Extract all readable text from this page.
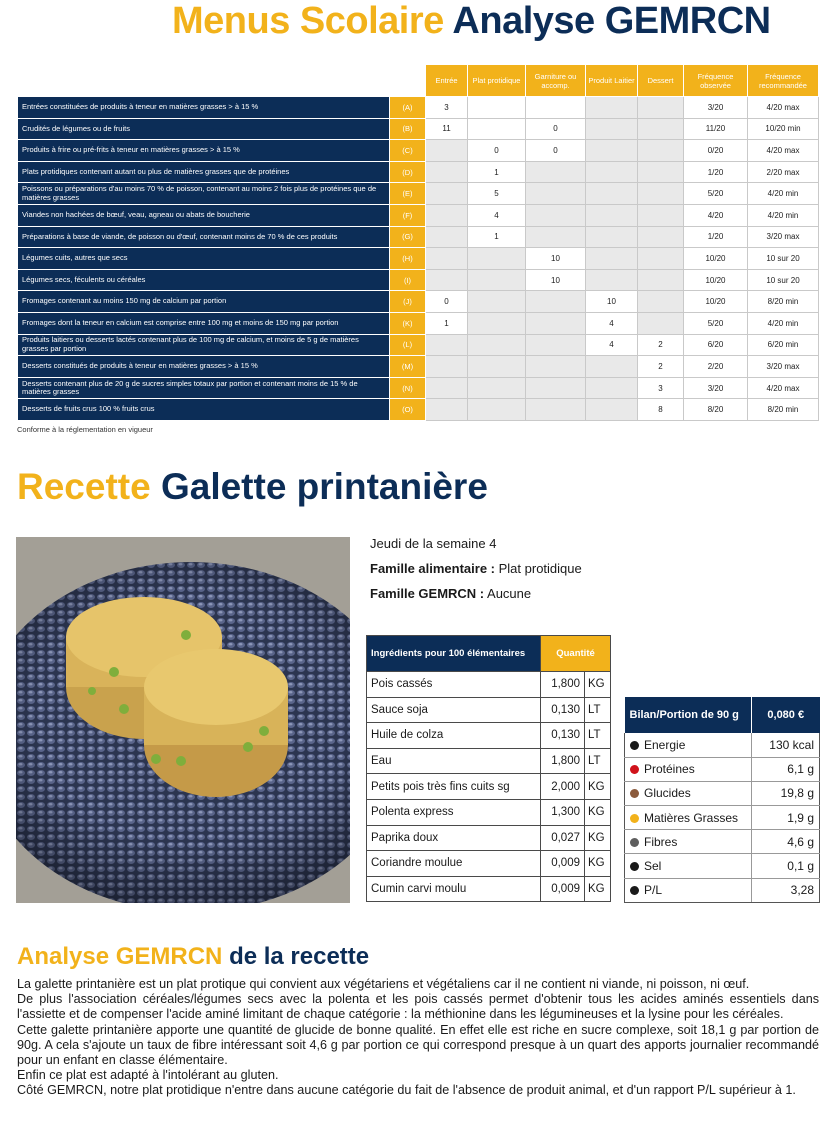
Menus Scolaire Analyse GEMRCN
		Entrée	Plat protidique	Garniture ou accomp.	Produit Laitier	Dessert	Fréquence observée	Fréquence recommandée
Entrées constituées de produits à teneur en matières grasses > à 15 %	(A)	3					3/20	4/20 max
Crudités de légumes ou de fruits	(B)	11		0			11/20	10/20 min
Produits à frire ou pré-frits à teneur en matières grasses > à 15 %	(C)		0	0			0/20	4/20 max
Plats protidiques contenant autant ou plus de matières grasses que de protéines	(D)		1				1/20	2/20 max
Poissons ou préparations d'au moins 70 % de poisson, contenant au moins 2 fois plus de protéines que de matières grasses	(E)		5				5/20	4/20 min
Viandes non hachées de bœuf, veau, agneau ou abats de boucherie	(F)		4				4/20	4/20 min
Préparations à base de viande, de poisson ou d'œuf, contenant moins de 70 % de ces produits	(G)		1				1/20	3/20 max
Légumes cuits, autres que secs	(H)			10			10/20	10 sur 20
Légumes secs, féculents ou céréales	(I)			10			10/20	10 sur 20
Fromages contenant au moins 150 mg de calcium par portion	(J)	0			10		10/20	8/20 min
Fromages dont la teneur en calcium est comprise entre 100 mg et moins de 150 mg par portion	(K)	1			4		5/20	4/20 min
Produits laitiers ou desserts lactés contenant plus de 100 mg de calcium, et moins de 5 g de matières grasses par portion	(L)				4	2	6/20	6/20 min
Desserts constitués de produits à teneur en matières grasses > à 15 %	(M)					2	2/20	3/20 max
Desserts contenant plus de 20 g de sucres simples totaux par portion et contenant moins de 15 % de matières grasses	(N)					3	3/20	4/20 max
Desserts de fruits crus 100 % fruits crus	(O)					8	8/20	8/20 min
Conforme à la réglementation en vigueur
Recette Galette printanière
Jeudi de la semaine 4
Famille alimentaire : Plat protidique
Famille GEMRCN : Aucune
Ingrédients pour 100 élémentaires	Quantité	
Pois cassés	1,800	KG
Sauce soja	0,130	LT
Huile de colza	0,130	LT
Eau	1,800	LT
Petits pois très fins cuits sg	2,000	KG
Polenta express	1,300	KG
Paprika doux	0,027	KG
Coriandre moulue	0,009	KG
Cumin carvi moulu	0,009	KG
Bilan/Portion de 90 g	0,080 €
Energie	130 kcal
Protéines	6,1 g
Glucides	19,8 g
Matières Grasses	1,9 g
Fibres	4,6 g
Sel	0,1 g
P/L	3,28
Analyse GEMRCN de la recette

La galette printanière est un plat protique qui convient aux végétariens et végétaliens car il ne contient ni viande, ni poisson, ni œuf.

De plus l'association céréales/légumes secs avec la polenta et les pois cassés permet d'obtenir tous les acides aminés essentiels dans l'assiette et de compenser l'acide aminé limitant de chaque catégorie : la méthionine dans les légumineuses et la lysine pour les céréales.

Cette galette printanière apporte une quantité de glucide de bonne qualité. En effet elle est riche en sucre complexe, soit 18,1 g par portion de 90g. A cela s'ajoute un taux de fibre intéressant soit 4,6 g par portion ce qui correspond presque à un quart des apports journalier recommandé pour un enfant en classe élémentaire.

Enfin ce plat est adapté à l'intolérant au gluten.

Côté GEMRCN, notre plat protidique n'entre dans aucune catégorie du fait de l'absence de produit animal, et d'un rapport P/L supérieur à 1.
